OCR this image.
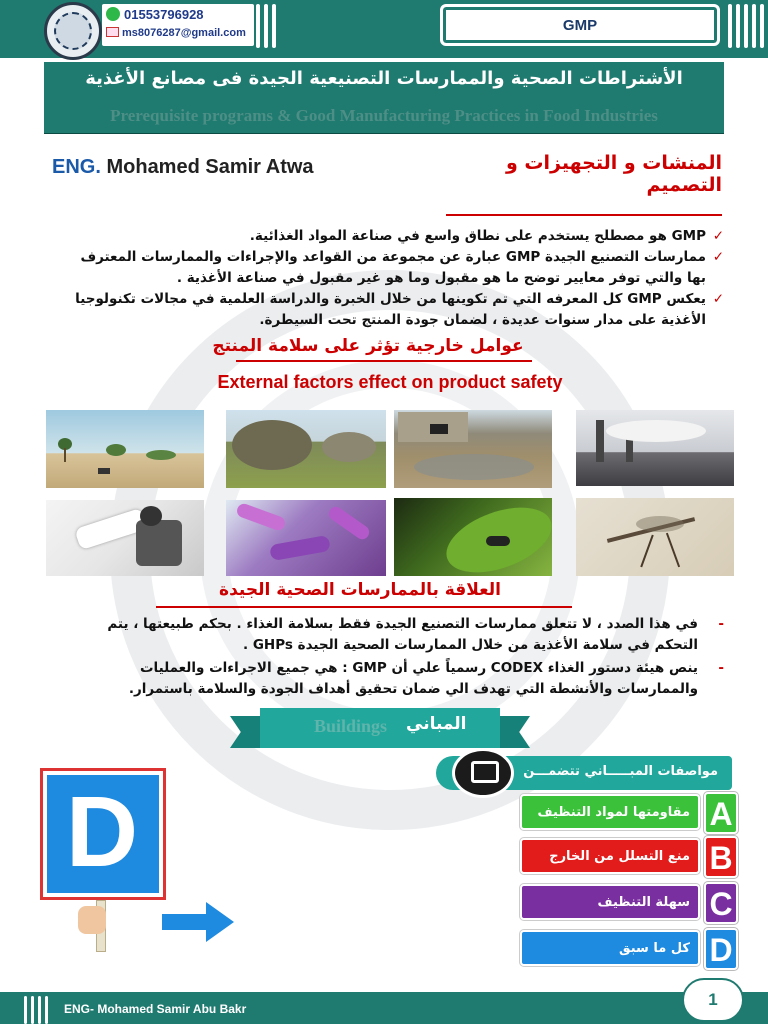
01553796928
ms8076287@gmail.com	GMP
الأشتراطات الصحية والممارسات التصنيعية الجيدة فى مصانع الأغذية
Prerequisite programs & Good Manufacturing Practices in Food Industries
ENG. Mohamed Samir Atwa	المنشات و التجهيزات و التصميم
✓
GMP هو مصطلح يستخدم على نطاق واسع في صناعة المواد الغذائية.
✓
ممارسات التصنيع الجيدة GMP عبارة عن مجموعة من القواعد والإجراءات والممارسات المعترف بها والتي توفر معايير توضح ما هو مقبول وما هو غير مقبول في صناعة الأغذية .
✓
يعكس GMP كل المعرفه التي تم تكوينها من خلال الخبرة والدراسة العلمية في مجالات تكنولوجيا الأغذية على مدار سنوات عديدة ، لضمان جودة المنتج تحت السيطرة.
عوامل خارجية تؤثر على سلامة المنتج
External factors effect on product safety
العلاقة بالممارسات الصحية الجيدة
-
في هذا الصدد ، لا تتعلق ممارسات التصنيع الجيدة فقط بسلامة الغذاء . بحكم طبيعتها ، يتم التحكم في سلامة الأغذية من خلال الممارسات الصحية الجيدة GHPs .
-
ينص هيئة دستور الغذاء CODEX رسمياً علي أن GMP : هي جميع الاجراءات والعمليات والممارسات والأنشطة التي تهدف الي ضمان تحقيق أهداف الجودة والسلامة باستمرار.
Buildings المباني
D
مواصفات المبـــــاني تتضمـــن
مقاومتها لمواد التنظيف A
منع التسلل من الخارج B
سهلة التنظيف C
كل ما سبق D
ENG- Mohamed Samir Abu Bakr	1
